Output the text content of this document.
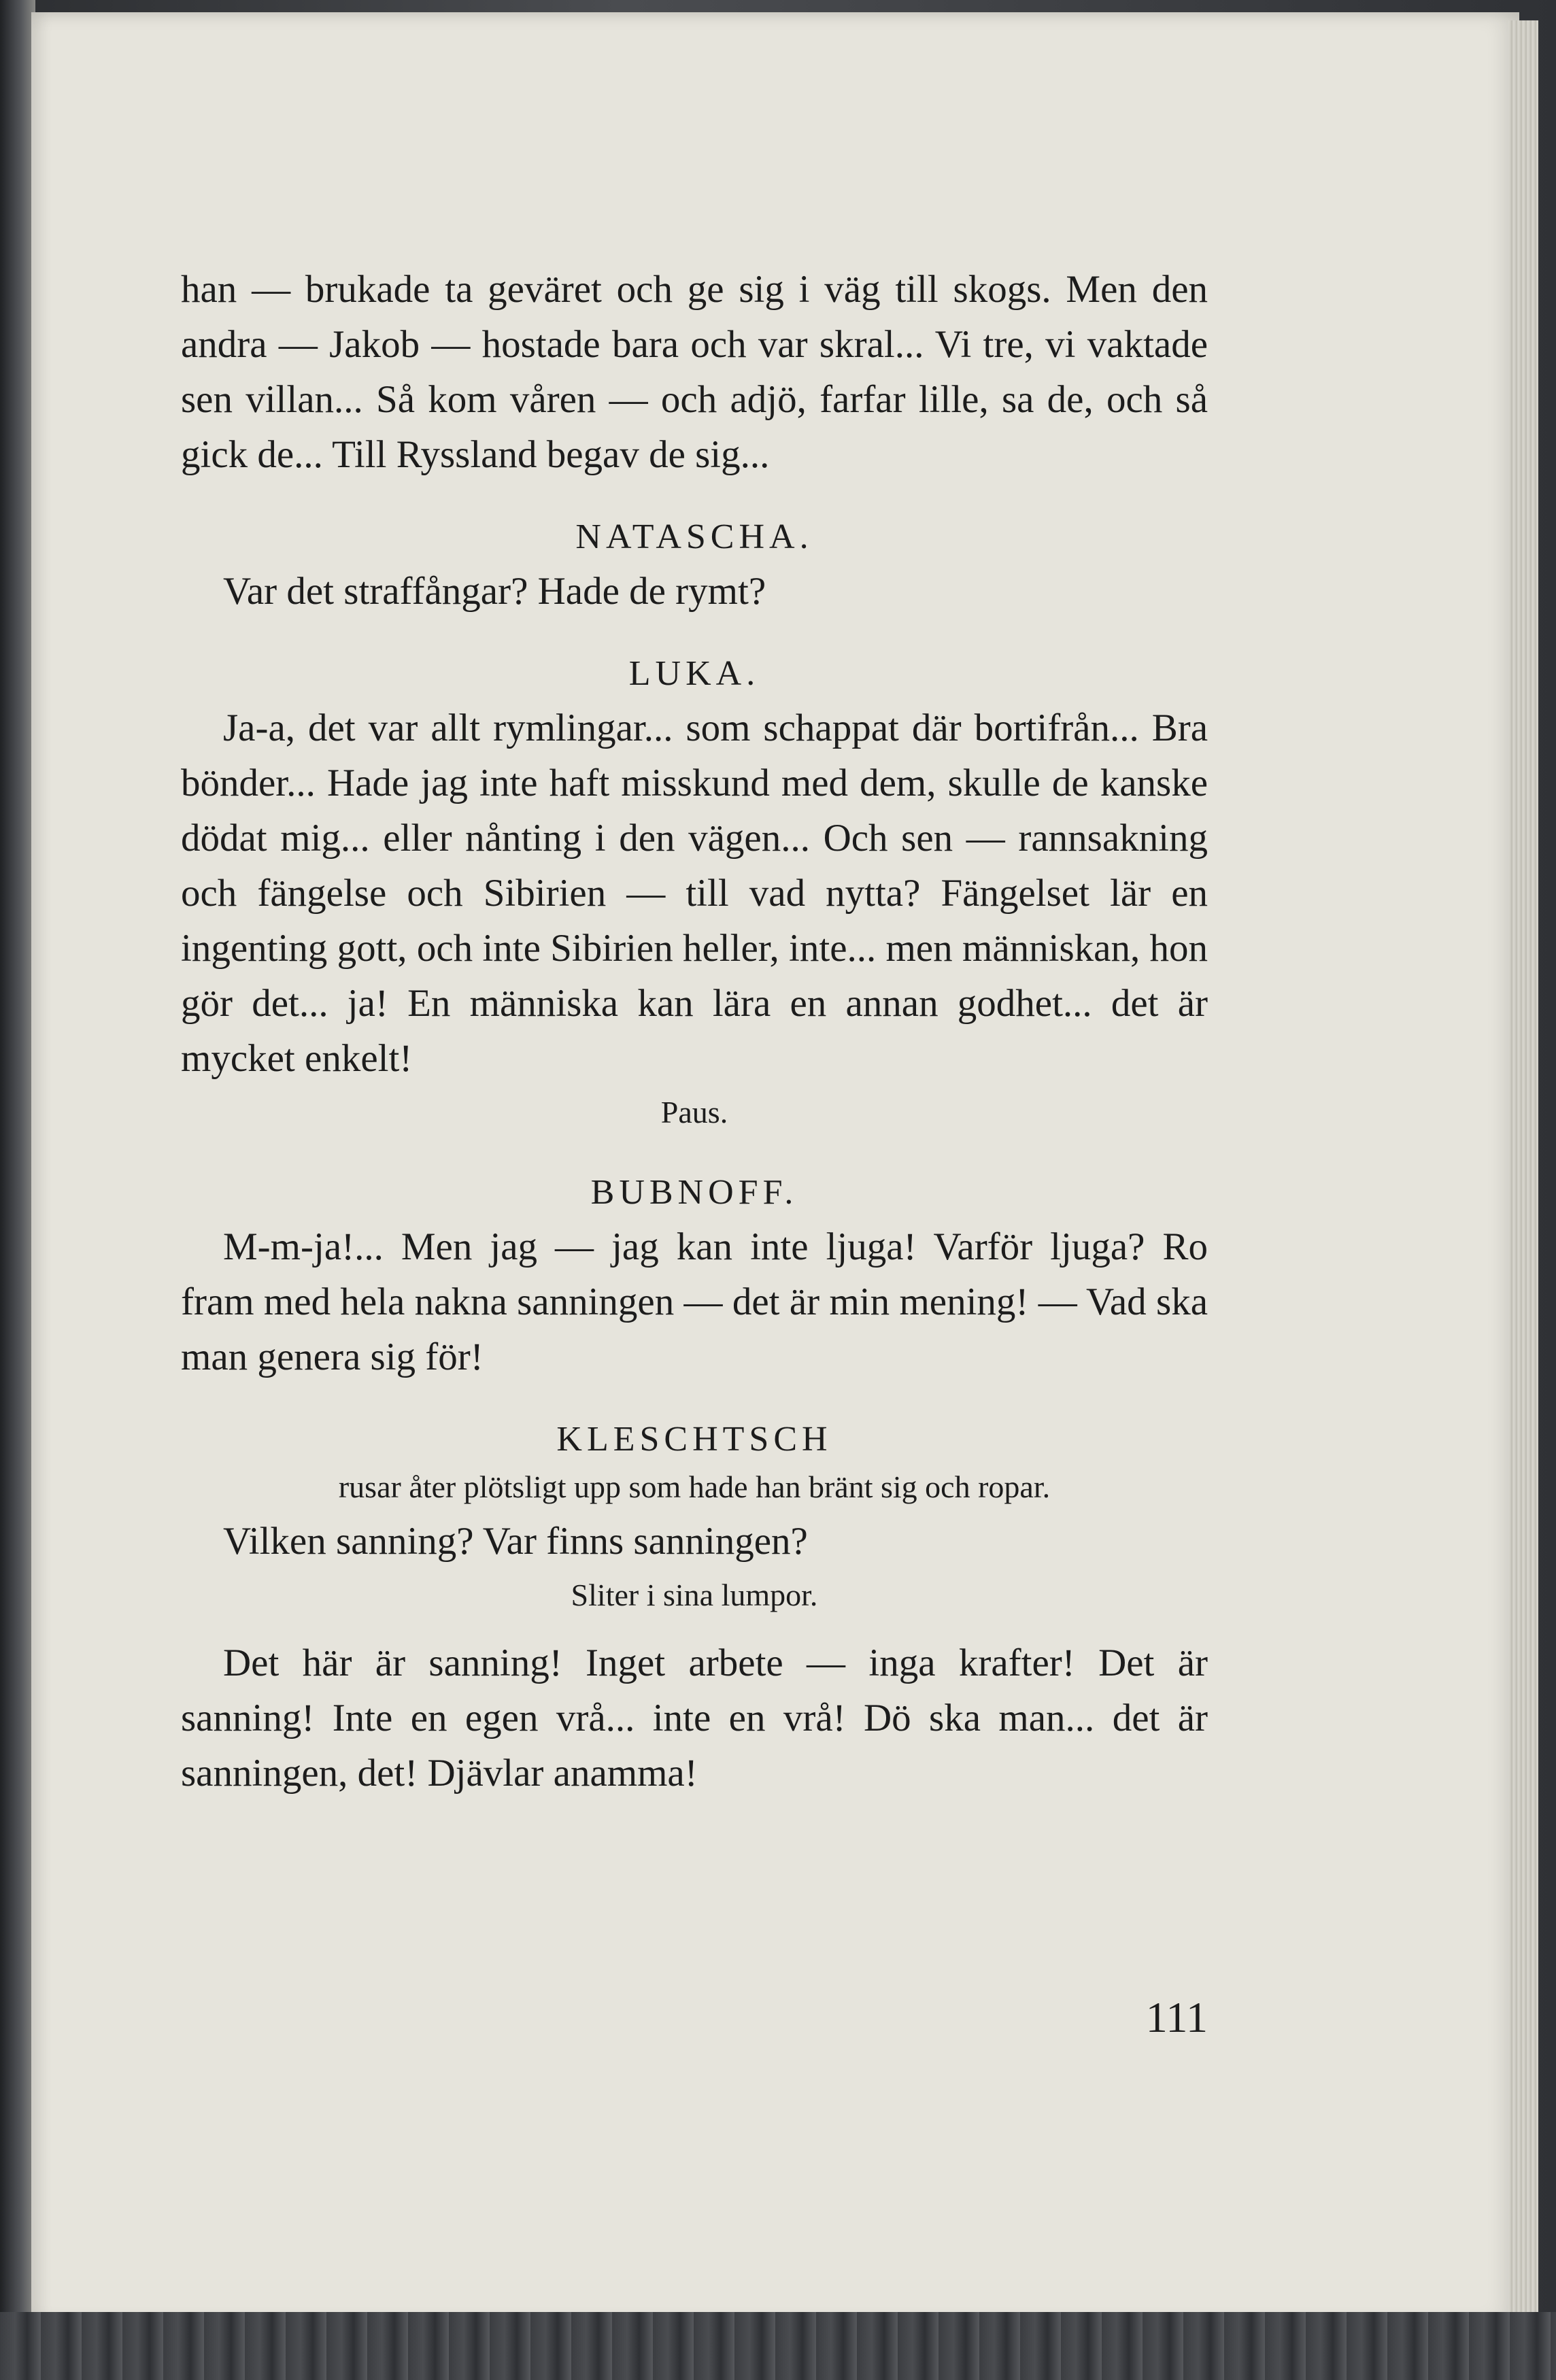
han — brukade ta geväret och ge sig i väg till skogs. Men den andra — Jakob — hostade bara och var skral... Vi tre, vi vaktade sen villan... Så kom våren — och adjö, farfar lille, sa de, och så gick de... Till Ryssland begav de sig...

NATASCHA.

Var det straffångar? Hade de rymt?

LUKA.

Ja-a, det var allt rymlingar... som schappat där bortifrån... Bra bönder... Hade jag inte haft misskund med dem, skulle de kanske dödat mig... eller nånting i den vägen... Och sen — rannsakning och fängelse och Sibirien — till vad nytta? Fängelset lär en ingenting gott, och inte Sibirien heller, inte... men människan, hon gör det... ja! En människa kan lära en annan godhet... det är mycket enkelt!

Paus.
BUBNOFF.

M-m-ja!... Men jag — jag kan inte ljuga! Varför ljuga? Ro fram med hela nakna sanningen — det är min mening! — Vad ska man genera sig för!

KLESCHTSCH
rusar åter plötsligt upp som hade han bränt sig och ropar.

Vilken sanning? Var finns sanningen?

Sliter i sina lumpor.

Det här är sanning! Inget arbete — inga krafter! Det är sanning! Inte en egen vrå... inte en vrå! Dö ska man... det är sanningen, det! Djävlar anamma!

111
